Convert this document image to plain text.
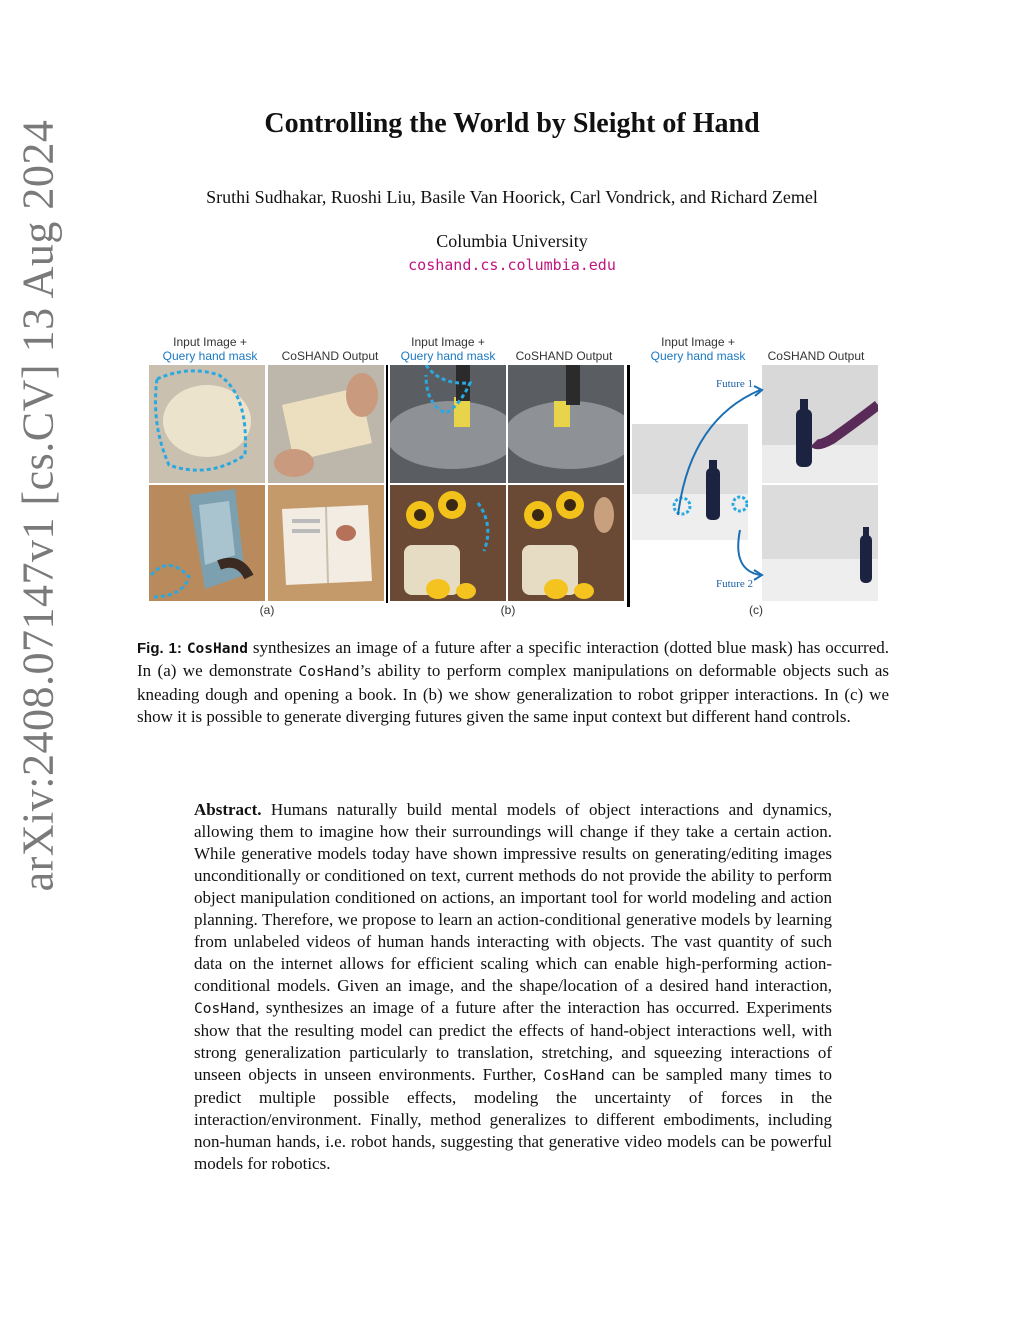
arXiv:2408.07147v1 [cs.CV] 13 Aug 2024	Controlling the World by Sleight of Hand
Sruthi Sudhakar, Ruoshi Liu, Basile Van Hoorick, Carl Vondrick, and Richard Zemel
Columbia University
coshand.cs.columbia.edu
Input Image +
Query hand mask	CoSHAND Output
Input Image +
Query hand mask	CoSHAND Output
Input Image +
Query hand mask	CoSHAND Output
Future 1
Future 2
(a)	(b)	(c)
Fig. 1: CosHand synthesizes an image of a future after a specific interaction (dotted blue mask) has occurred. In (a) we demonstrate CosHand’s ability to perform complex manipulations on deformable objects such as kneading dough and opening a book. In (b) we show generalization to robot gripper interactions. In (c) we show it is possible to generate diverging futures given the same input context but different hand controls.
Abstract. Humans naturally build mental models of object interactions and dynamics, allowing them to imagine how their surroundings will change if they take a certain action. While generative models today have shown impressive results on generating/editing images unconditionally or conditioned on text, current methods do not provide the ability to perform object manipulation conditioned on actions, an important tool for world modeling and action planning. Therefore, we propose to learn an action-conditional generative models by learning from unlabeled videos of human hands interacting with objects. The vast quantity of such data on the internet allows for efficient scaling which can enable high-performing action-conditional models. Given an image, and the shape/location of a desired hand interaction, CosHand, synthesizes an image of a future after the interaction has occurred. Experiments show that the resulting model can predict the effects of hand-object interactions well, with strong generalization particularly to translation, stretching, and squeezing interactions of unseen objects in unseen environments. Further, CosHand can be sampled many times to predict multiple possible effects, modeling the uncertainty of forces in the interaction/environment. Finally, method generalizes to different embodiments, including non-human hands, i.e. robot hands, suggesting that generative video models can be powerful models for robotics.
